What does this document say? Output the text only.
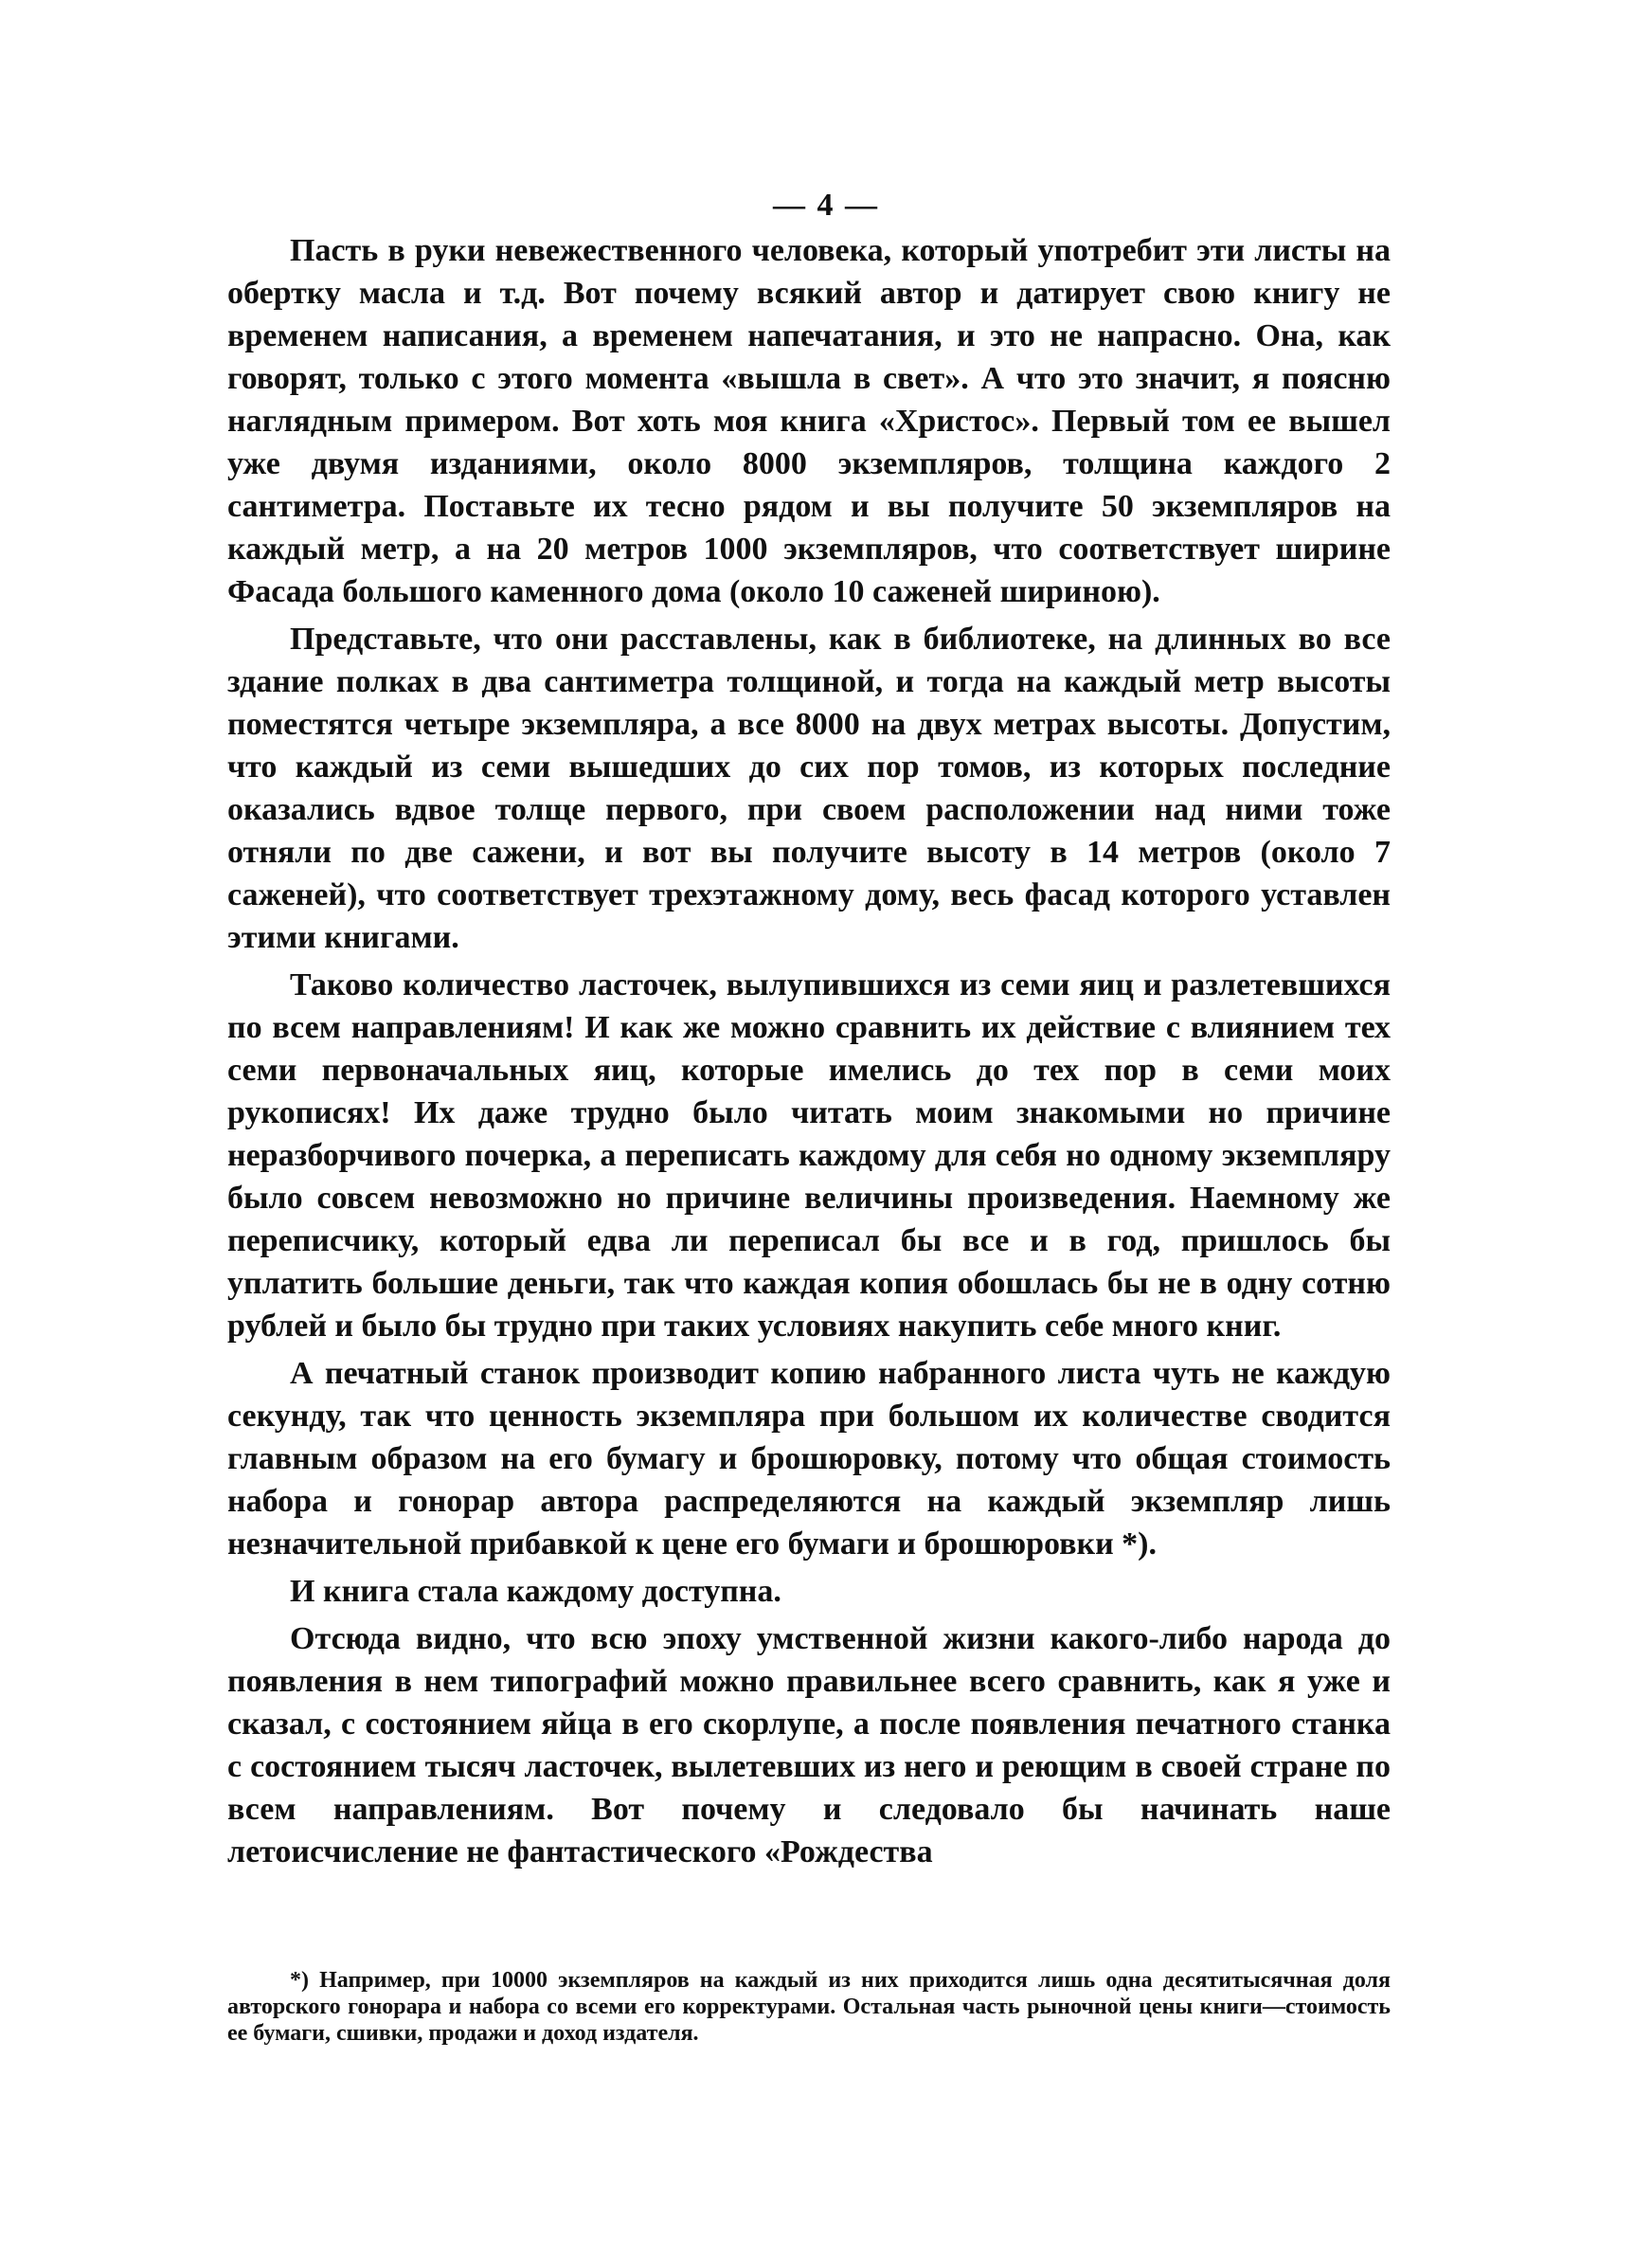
— 4 —

Пасть в руки невежественного человека, который употребит эти листы на обертку масла и т.д. Вот почему всякий автор и датирует свою книгу не временем написания, а временем напечатания, и это не напрасно. Она, как говорят, только с этого момента «вышла в свет». А что это значит, я поясню наглядным примером. Вот хоть моя книга «Христос». Первый том ее вышел уже двумя изданиями, около 8000 экземпляров, толщина каждого 2 сантиметра. Поставьте их тесно рядом и вы получите 50 экземпляров на каждый метр, а на 20 метров 1000 экземпляров, что соответствует ширине Фасада большого каменного дома (около 10 саженей шириною).

Представьте, что они расставлены, как в библиотеке, на длинных во все здание полках в два сантиметра толщиной, и тогда на каждый метр высоты поместятся четыре экземпляра, а все 8000 на двух метрах высоты. Допустим, что каждый из семи вышедших до сих пор томов, из которых последние оказались вдвое толще первого, при своем расположении над ними тоже отняли по две сажени, и вот вы получите высоту в 14 метров (около 7 саженей), что соответствует трехэтажному дому, весь фасад которого уставлен этими книгами.

Таково количество ласточек, вылупившихся из семи яиц и разлетевшихся по всем направлениям! И как же можно сравнить их действие с влиянием тех семи первоначальных яиц, которые имелись до тех пор в семи моих рукописях! Их даже трудно было читать моим знакомыми но причине неразборчивого почерка, а переписать каждому для себя но одному экземпляру было совсем невозможно но причине величины произведения. Наемному же переписчику, который едва ли переписал бы все и в год, пришлось бы уплатить большие деньги, так что каждая копия обошлась бы не в одну сотню рублей и было бы трудно при таких условиях накупить себе много книг.

А печатный станок производит копию набранного листа чуть не каждую секунду, так что ценность экземпляра при большом их количестве сводится главным образом на его бумагу и брошюровку, потому что общая стоимость набора и гонорар автора распределяются на каждый экземпляр лишь незначительной прибавкой к цене его бумаги и брошюровки *).

И книга стала каждому доступна.

Отсюда видно, что всю эпоху умственной жизни какого-либо народа до появления в нем типографий можно правильнее всего сравнить, как я уже и сказал, с состоянием яйца в его скорлупе, а после появления печатного станка с состоянием тысяч ласточек, вылетевших из него и реющим в своей стране по всем направлениям. Вот почему и следовало бы начинать наше летоисчисление не фантастического «Рождества

*) Например, при 10000 экземпляров на каждый из них приходится лишь одна десятитысячная доля авторского гонорара и набора со всеми его корректурами. Остальная часть рыночной цены книги—стоимость ее бумаги, сшивки, продажи и доход издателя.
